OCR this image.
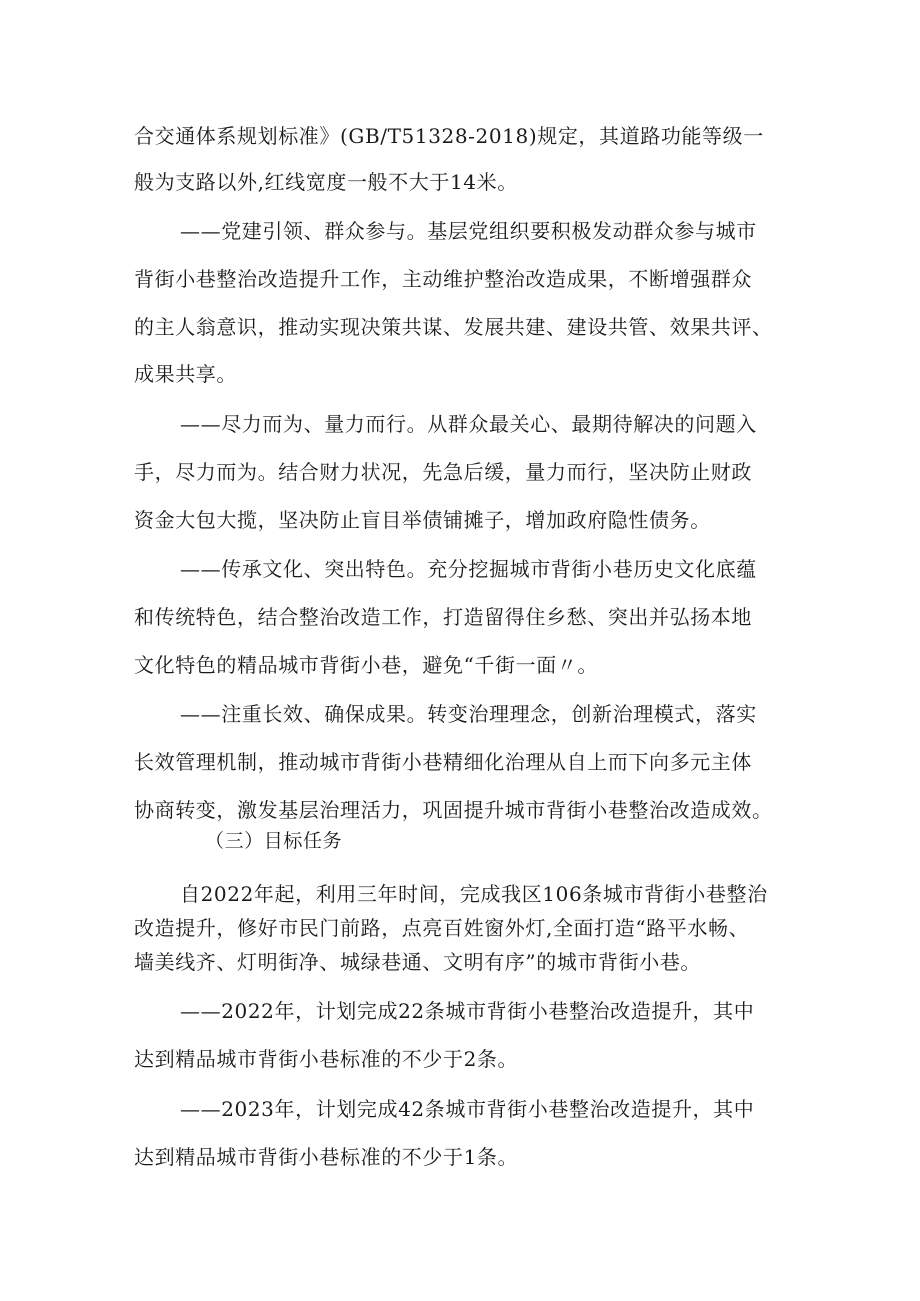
合交通体系规划标准》(GB/T51328-2018)规定，其道路功能等级一
般为支路以外,红线宽度一般不大于14米。
——党建引领、群众参与。基层党组织要积极发动群众参与城市
背街小巷整治改造提升工作，主动维护整治改造成果，不断增强群众
的主人翁意识，推动实现决策共谋、发展共建、建设共管、效果共评、
成果共享。
——尽力而为、量力而行。从群众最关心、最期待解决的问题入
手，尽力而为。结合财力状况，先急后缓，量力而行，坚决防止财政
资金大包大揽，坚决防止盲目举债铺摊子，增加政府隐性债务。
——传承文化、突出特色。充分挖掘城市背街小巷历史文化底蕴
和传统特色，结合整治改造工作，打造留得住乡愁、突出并弘扬本地
文化特色的精品城市背街小巷，避免“千街一面〃。
——注重长效、确保成果。转变治理理念，创新治理模式，落实
长效管理机制，推动城市背街小巷精细化治理从自上而下向多元主体
协商转变，激发基层治理活力，巩固提升城市背街小巷整治改造成效。
（三）目标任务
自2022年起，利用三年时间，完成我区106条城市背街小巷整治
改造提升，修好市民门前路，点亮百姓窗外灯,全面打造“路平水畅、
墙美线齐、灯明街净、城绿巷通、文明有序”的城市背街小巷。
——2022年，计划完成22条城市背街小巷整治改造提升，其中
达到精品城市背街小巷标准的不少于2条。
——2023年，计划完成42条城市背街小巷整治改造提升，其中
达到精品城市背街小巷标准的不少于1条。
